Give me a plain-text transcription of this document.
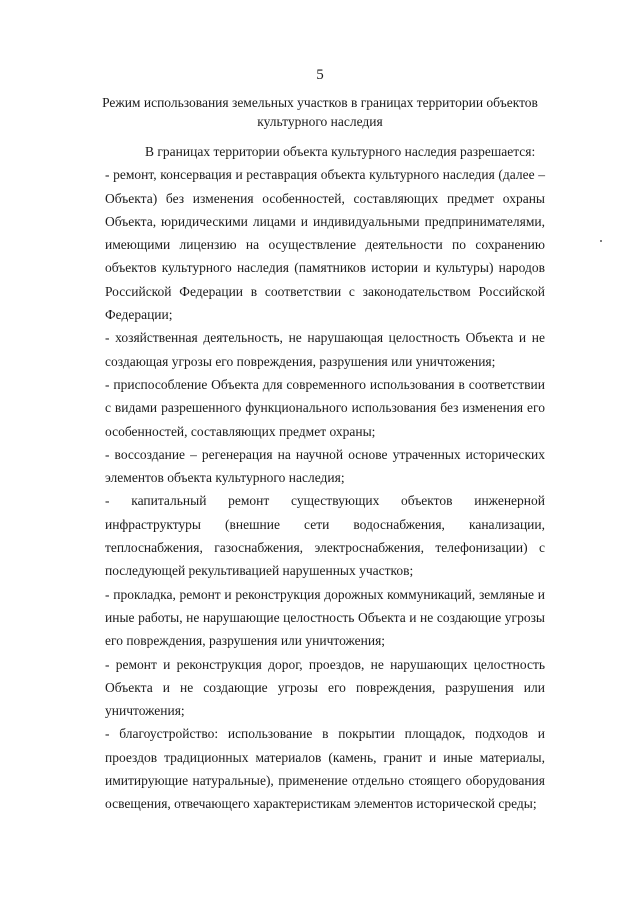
5
Режим использования земельных участков в границах территории объектов культурного наследия

В границах территории объекта культурного наследия разрешается:

- ремонт, консервация и реставрация объекта культурного наследия (далее – Объекта) без изменения особенностей, составляющих предмет охраны Объекта, юридическими лицами и индивидуальными предпринимателями, имеющими лицензию на осуществление деятельности по сохранению объектов культурного наследия (памятников истории и культуры) народов Российской Федерации в соответствии с законодательством Российской Федерации;

- хозяйственная деятельность, не нарушающая целостность Объекта и не создающая угрозы его повреждения, разрушения или уничтожения;

- приспособление Объекта для современного использования в соответствии с видами разрешенного функционального использования без изменения его особенностей, составляющих предмет охраны;

- воссоздание – регенерация на научной основе утраченных исторических элементов объекта культурного наследия;

- капитальный ремонт существующих объектов инженерной инфраструктуры (внешние сети водоснабжения, канализации, теплоснабжения, газоснабжения, электроснабжения, телефонизации) с последующей рекультивацией нарушенных участков;

- прокладка, ремонт и реконструкция дорожных коммуникаций, земляные и иные работы, не нарушающие целостность Объекта и не создающие угрозы его повреждения, разрушения или уничтожения;

- ремонт и реконструкция дорог, проездов, не нарушающих целостность Объекта и не создающие угрозы его повреждения, разрушения или уничтожения;

- благоустройство: использование в покрытии площадок, подходов и проездов традиционных материалов (камень, гранит и иные материалы, имитирующие натуральные), применение отдельно стоящего оборудования освещения, отвечающего характеристикам элементов исторической среды;
